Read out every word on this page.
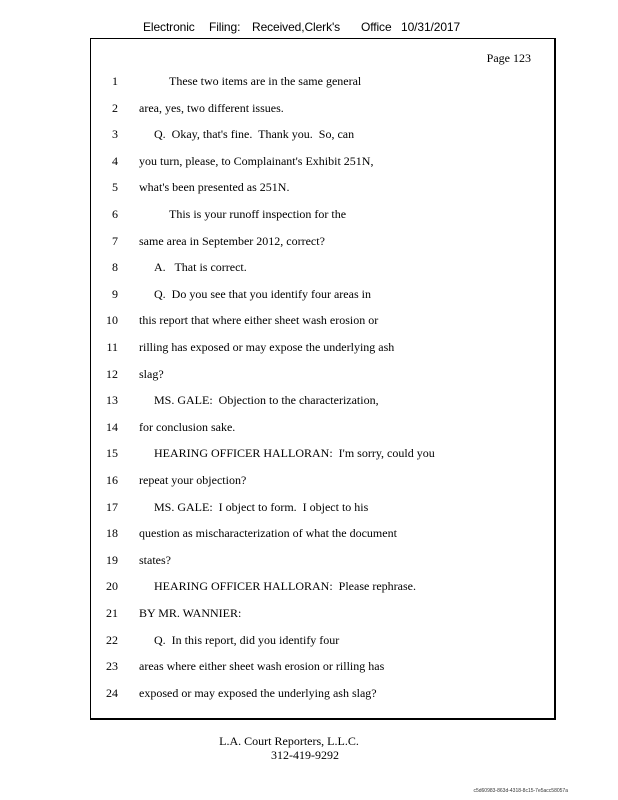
Electronic Filing: Received,Clerk's Office 10/31/2017
Page 123
1	These two items are in the same general
2 area, yes, two different issues.
3	Q.  Okay, that's fine.  Thank you.  So, can
4 you turn, please, to Complainant's Exhibit 251N,
5 what's been presented as 251N.
6	This is your runoff inspection for the
7 same area in September 2012, correct?
8	A.   That is correct.
9	Q.  Do you see that you identify four areas in
10 this report that where either sheet wash erosion or
11 rilling has exposed or may expose the underlying ash
12 slag?
13	MS. GALE:  Objection to the characterization,
14 for conclusion sake.
15	HEARING OFFICER HALLORAN:  I'm sorry, could you
16 repeat your objection?
17	MS. GALE:  I object to form.  I object to his
18 question as mischaracterization of what the document
19 states?
20	HEARING OFFICER HALLORAN:  Please rephrase.
21 BY MR. WANNIER:
22	Q.  In this report, did you identify four
23 areas where either sheet wash erosion or rilling has
24 exposed or may exposed the underlying ash slag?
L.A. Court Reporters, L.L.C.
312-419-9292
c5d60983-863d-4318-8c15-7e5acc58057a
